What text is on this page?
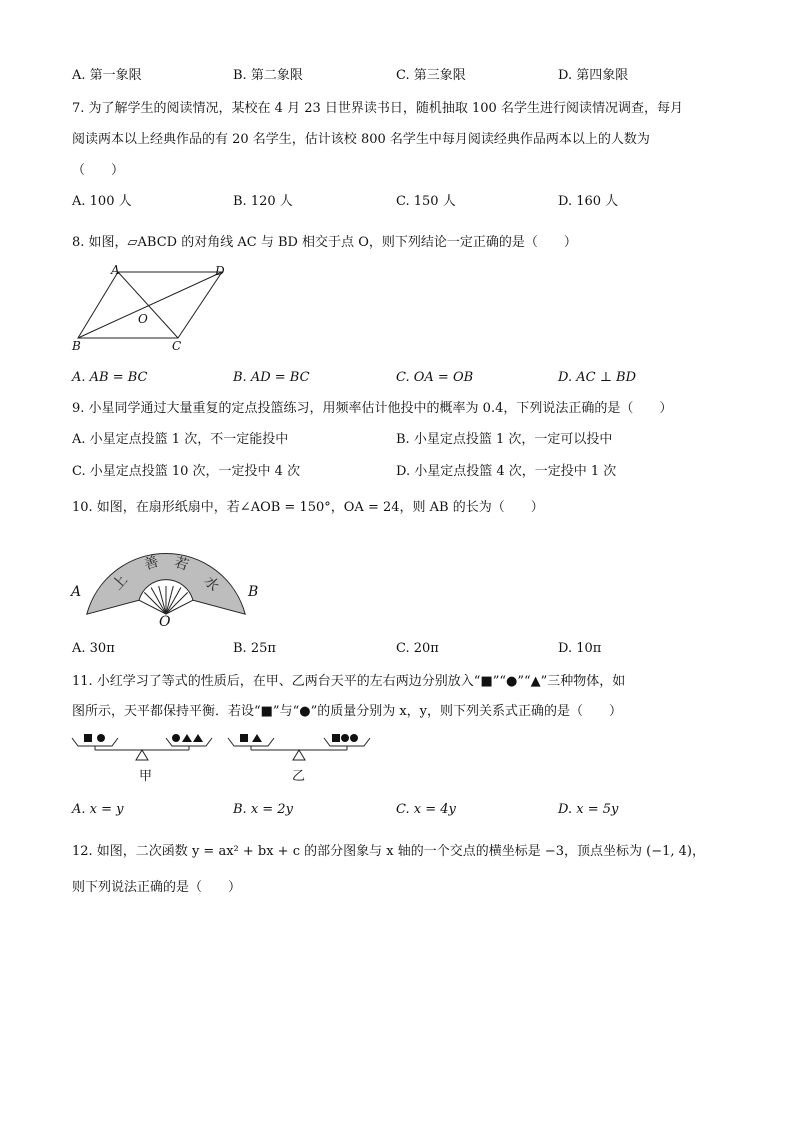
A. 第一象限	B. 第二象限	C. 第三象限	D. 第四象限
7. 为了解学生的阅读情况，某校在 4 月 23 日世界读书日，随机抽取 100 名学生进行阅读情况调查，每月
阅读两本以上经典作品的有 20 名学生，估计该校 800 名学生中每月阅读经典作品两本以上的人数为
（　　）
A. 100 人	B. 120 人	C. 150 人	D. 160 人
8. 如图，▱ABCD 的对角线 AC 与 BD 相交于点 O，则下列结论一定正确的是（　　）
A	D
O
B	C
A. AB = BC	B. AD = BC	C. OA = OB	D. AC ⊥ BD
9. 小星同学通过大量重复的定点投篮练习，用频率估计他投中的概率为 0.4，下列说法正确的是（　　）
A. 小星定点投篮 1 次，不一定能投中	B. 小星定点投篮 1 次，一定可以投中
C. 小星定点投篮 10 次，一定投中 4 次	D. 小星定点投篮 4 次，一定投中 1 次
10. 如图，在扇形纸扇中，若∠AOB = 150°，OA = 24，则 AB 的长为（　　）
上
善 若
水
A	B
O
A. 30π	B. 25π	C. 20π	D. 10π
11. 小红学习了等式的性质后，在甲、乙两台天平的左右两边分别放入“■”“●”“▲”三种物体，如
图所示，天平都保持平衡．若设“■”与“●”的质量分别为 x，y，则下列关系式正确的是（　　）
甲	乙
A. x = y	B. x = 2y	C. x = 4y	D. x = 5y
12. 如图，二次函数 y = ax² + bx + c 的部分图象与 x 轴的一个交点的横坐标是 −3，顶点坐标为 (−1, 4)，
则下列说法正确的是（　　）
